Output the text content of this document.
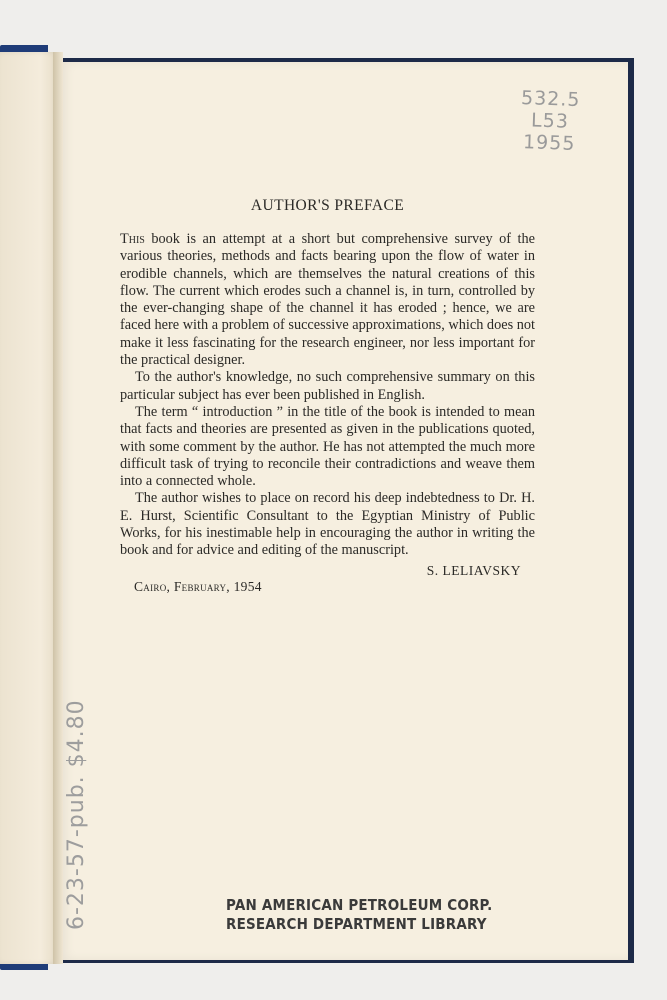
532.5
L53
1955
6-23-57-pub. $4.80
AUTHOR'S PREFACE

This book is an attempt at a short but comprehensive survey of the various theories, methods and facts bearing upon the flow of water in erodible channels, which are themselves the natural creations of this flow. The current which erodes such a channel is, in turn, controlled by the ever-changing shape of the channel it has eroded ; hence, we are faced here with a problem of successive approximations, which does not make it less fascinating for the research engineer, nor less important for the practical designer.

To the author's knowledge, no such comprehensive summary on this particular subject has ever been published in English.

The term “ introduction ” in the title of the book is intended to mean that facts and theories are presented as given in the publications quoted, with some comment by the author. He has not attempted the much more difficult task of trying to reconcile their contradictions and weave them into a connected whole.

The author wishes to place on record his deep indebtedness to Dr. H. E. Hurst, Scientific Consultant to the Egyptian Ministry of Public Works, for his inestimable help in encouraging the author in writing the book and for advice and editing of the manuscript.

S. LELIAVSKY
Cairo, February, 1954
PAN AMERICAN PETROLEUM CORP.
RESEARCH DEPARTMENT LIBRARY
